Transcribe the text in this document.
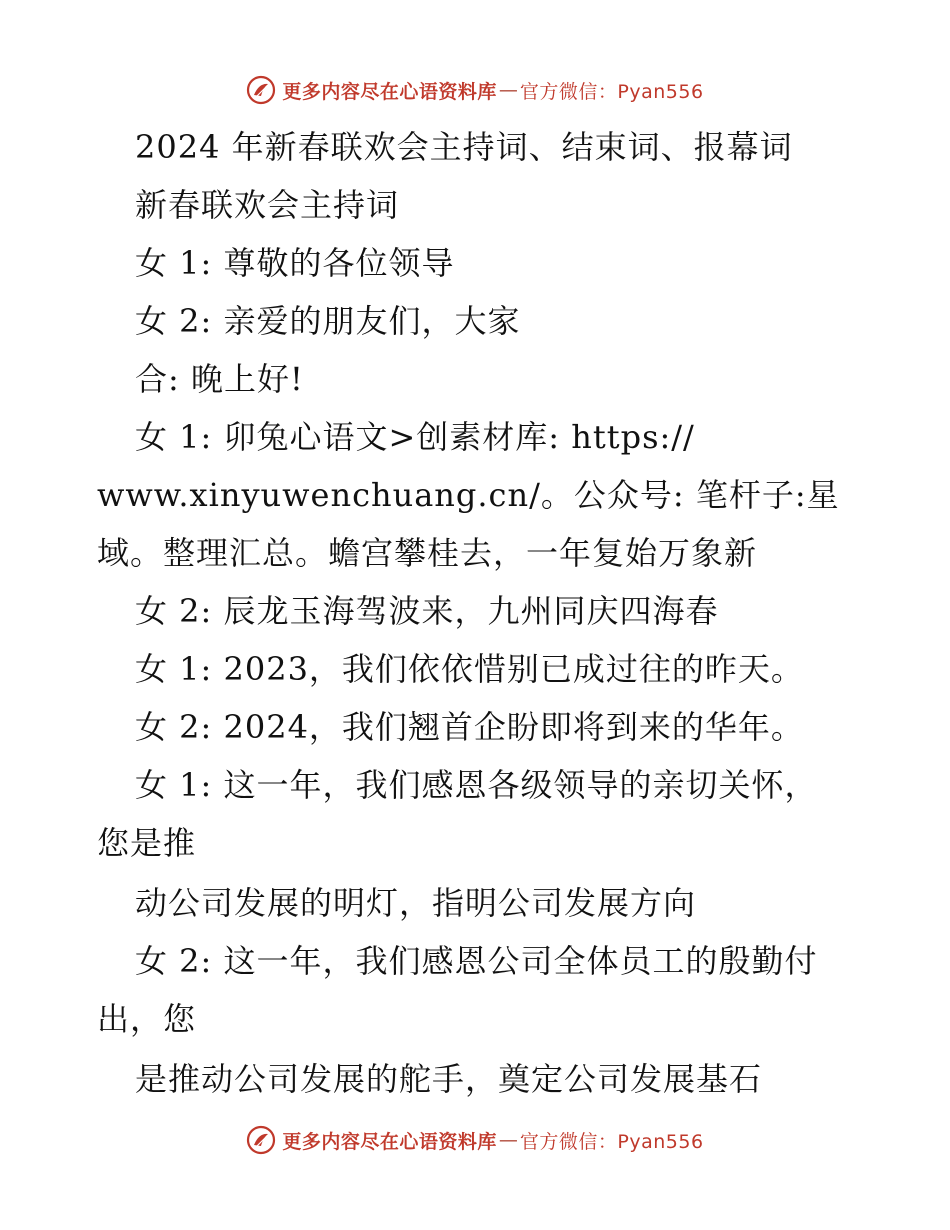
更多内容尽在心语资料库 — 官方微信：Pyan556
2024 年新春联欢会主持词、结束词、报幕词
新春联欢会主持词
女 1: 尊敬的各位领导
女 2: 亲爱的朋友们，大家
合: 晚上好!
女 1: 卯兔心语文>创素材库: https://
www.xinyuwenchuang.cn/。公众号: 笔杆子:星
域。整理汇总。蟾宫攀桂去，一年复始万象新
女 2: 辰龙玉海驾波来，九州同庆四海春
女 1: 2023，我们依依惜别已成过往的昨天。
女 2: 2024，我们翘首企盼即将到来的华年。
女 1: 这一年，我们感恩各级领导的亲切关怀，
您是推
动公司发展的明灯，指明公司发展方向
女 2: 这一年，我们感恩公司全体员工的殷勤付
出，您
是推动公司发展的舵手，奠定公司发展基石
更多内容尽在心语资料库 — 官方微信：Pyan556
